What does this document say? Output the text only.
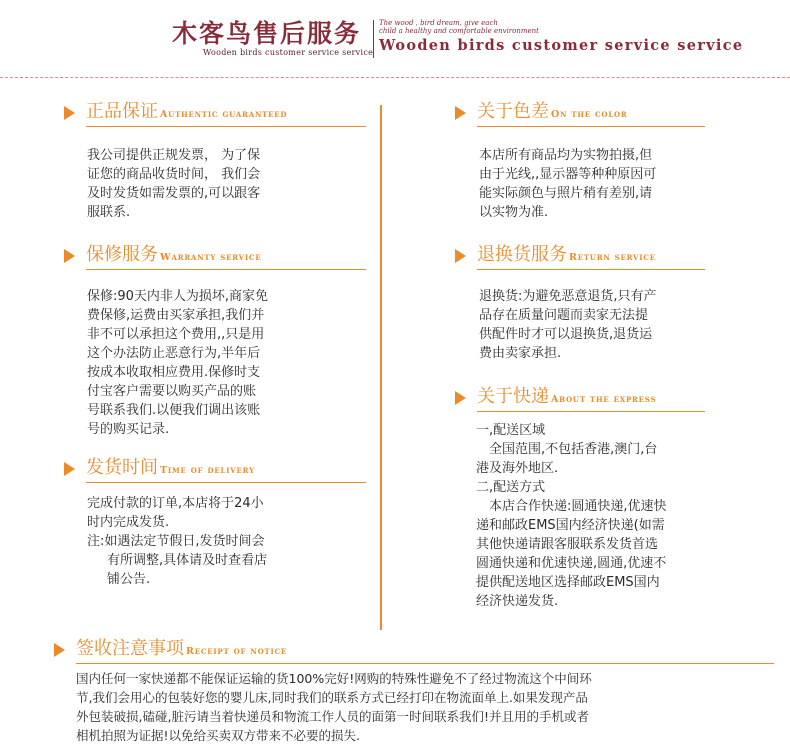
木客鸟售后服务
Wooden birds customer service service
The wood , bird dream, give each
child a healthy and comfortable environment
Wooden birds customer service service
正品保证 Authentic guaranteed
我公司提供正规发票， 为了保
证您的商品收货时间， 我们会
及时发货如需发票的,可以跟客
服联系.
保修服务 Warranty service
保修:90天内非人为损坏,商家免
费保修,运费由买家承担,我们并
非不可以承担这个费用,,只是用
这个办法防止恶意行为,半年后
按成本收取相应费用.保修时支
付宝客户需要以购买产品的账
号联系我们.以便我们调出该账
号的购买记录.
发货时间 Time of delivery
完成付款的订单,本店将于24小
时内完成发货.
注:如遇法定节假日,发货时间会
有所调整,具体请及时查看店
铺公告.
关于色差 On the color
本店所有商品均为实物拍摄,但
由于光线,,显示器等种种原因可
能实际颜色与照片稍有差别,请
以实物为准.
退换货服务 Return service
退换货:为避免恶意退货,只有产
品存在质量问题而卖家无法提
供配件时才可以退换货,退货运
费由卖家承担.
关于快递 About the express
一,配送区域
全国范围,不包括香港,澳门,台
港及海外地区.
二,配送方式
本店合作快递:圆通快递,优速快
递和邮政EMS国内经济快递(如需
其他快递请跟客服联系发货首选
圆通快递和优速快递,圆通,优速不
提供配送地区选择邮政EMS国内
经济快递发货.
签收注意事项 Receipt of notice
国内任何一家快递都不能保证运输的货100%完好!网购的特殊性避免不了经过物流这个中间环
节,我们会用心的包装好您的婴儿床,同时我们的联系方式已经打印在物流面单上.如果发现产品
外包装破损,磕碰,脏污请当着快递员和物流工作人员的面第一时间联系我们!并且用的手机或者
相机拍照为证据!以免给买卖双方带来不必要的损失.
